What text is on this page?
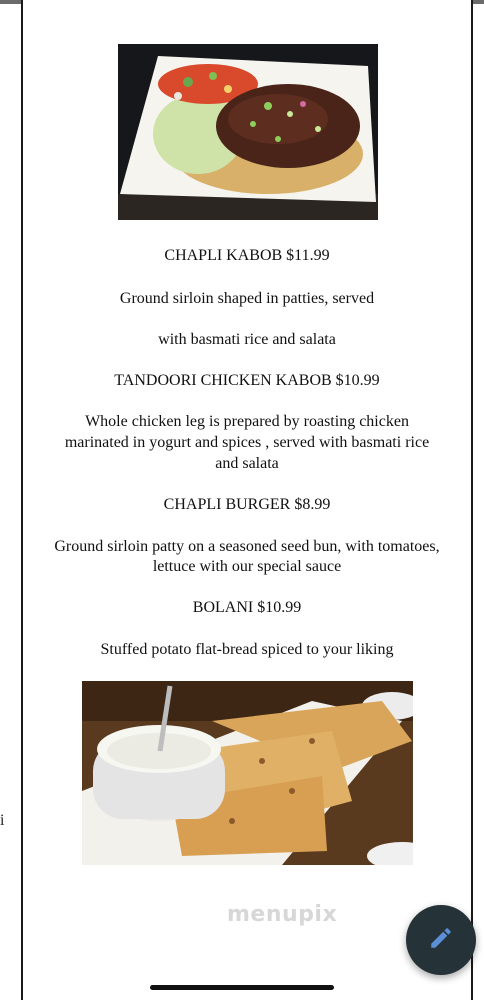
i

CHAPLI KABOB $11.99

Ground sirloin shaped in patties, served

with basmati rice and salata

TANDOORI CHICKEN KABOB $10.99

Whole chicken leg is prepared by roasting chicken

marinated in yogurt and spices , served with basmati rice

and salata

CHAPLI BURGER $8.99

Ground sirloin patty on a seasoned seed bun, with tomatoes,

lettuce with our special sauce

BOLANI $10.99

Stuffed potato flat-bread spiced to your liking

menupix
